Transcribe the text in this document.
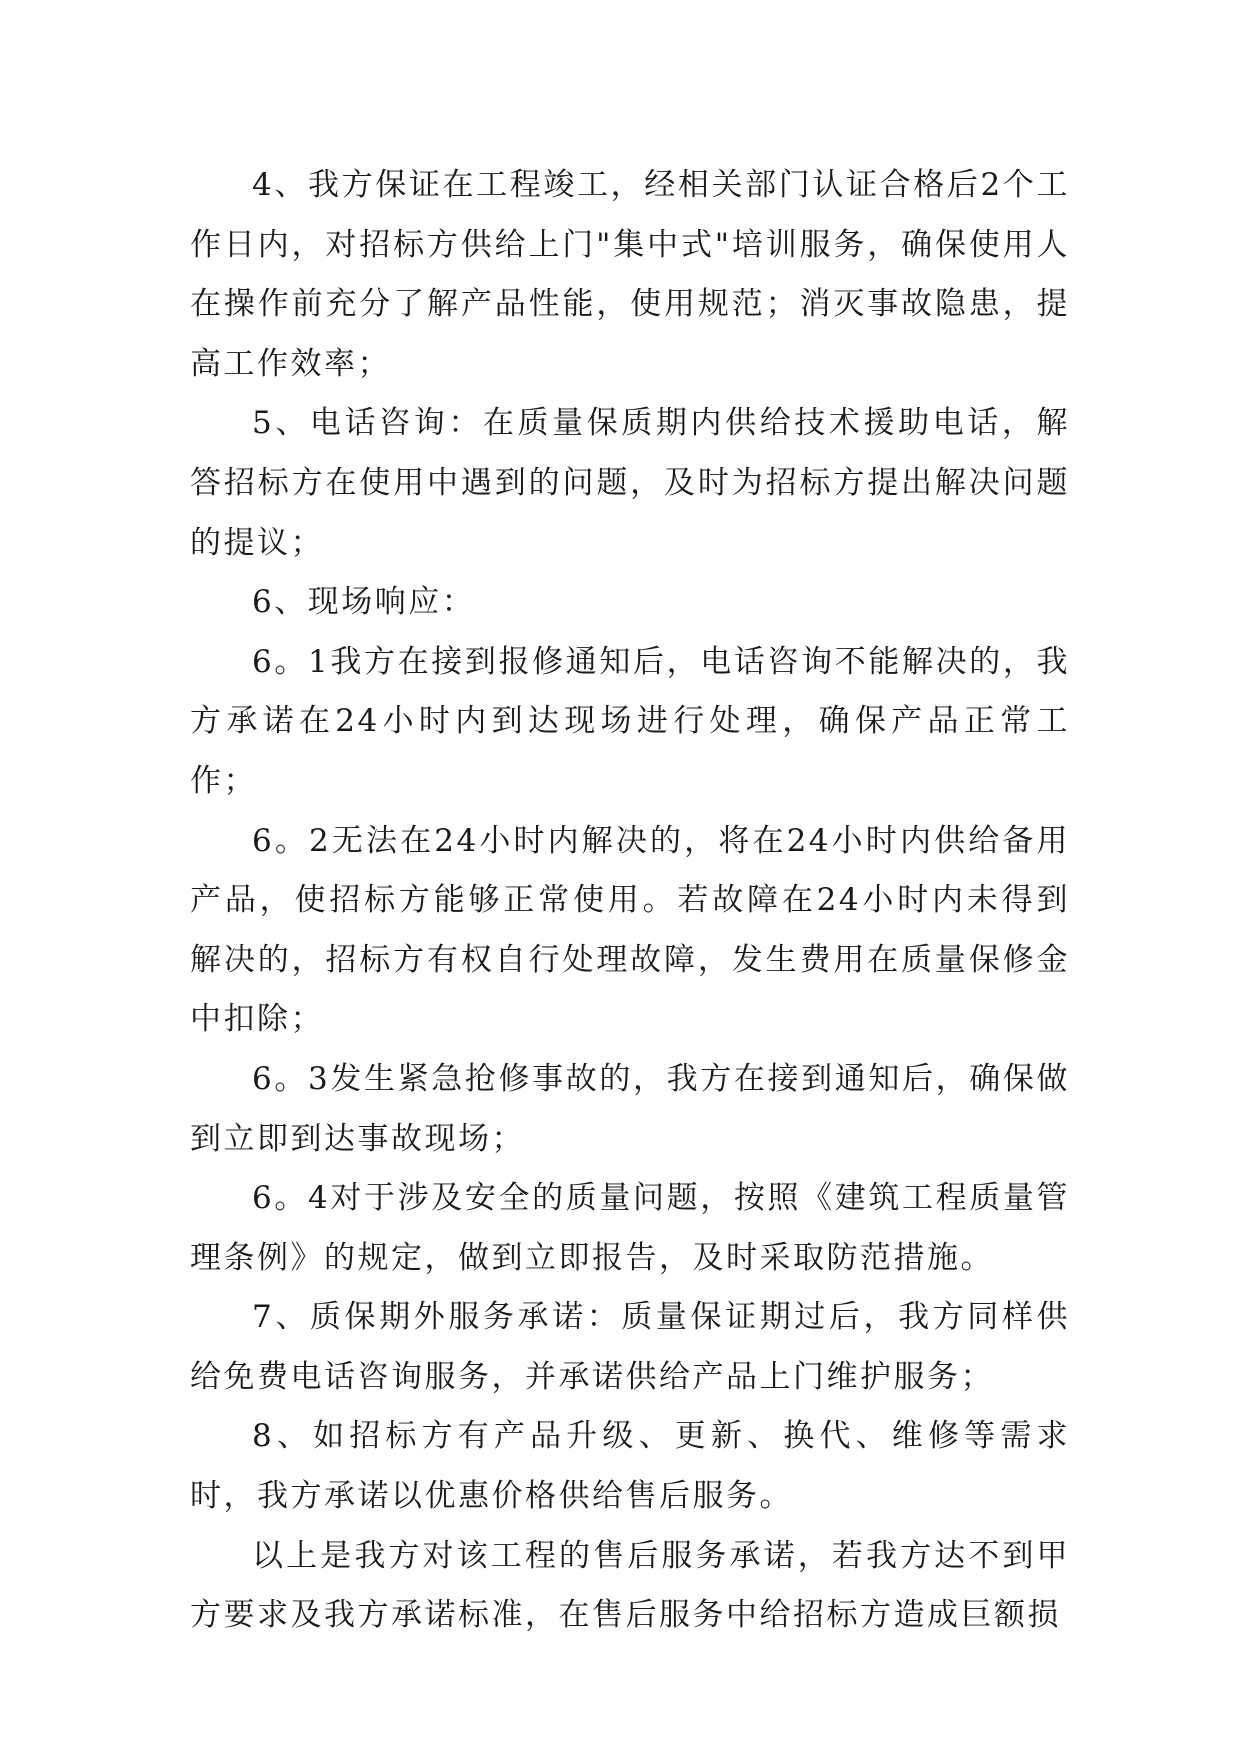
4、我方保证在工程竣工，经相关部门认证合格后2个工作日内，对招标方供给上门"集中式"培训服务，确保使用人在操作前充分了解产品性能，使用规范；消灭事故隐患，提高工作效率；

5、电话咨询：在质量保质期内供给技术援助电话，解答招标方在使用中遇到的问题，及时为招标方提出解决问题的提议；

6、现场响应：

6。1我方在接到报修通知后，电话咨询不能解决的，我方承诺在24小时内到达现场进行处理，确保产品正常工作；

6。2无法在24小时内解决的，将在24小时内供给备用产品，使招标方能够正常使用。若故障在24小时内未得到解决的，招标方有权自行处理故障，发生费用在质量保修金中扣除；

6。3发生紧急抢修事故的，我方在接到通知后，确保做到立即到达事故现场；

6。4对于涉及安全的质量问题，按照《建筑工程质量管理条例》的规定，做到立即报告，及时采取防范措施。

7、质保期外服务承诺：质量保证期过后，我方同样供给免费电话咨询服务，并承诺供给产品上门维护服务；

8、如招标方有产品升级、更新、换代、维修等需求时，我方承诺以优惠价格供给售后服务。

以上是我方对该工程的售后服务承诺，若我方达不到甲方要求及我方承诺标准，在售后服务中给招标方造成巨额损
